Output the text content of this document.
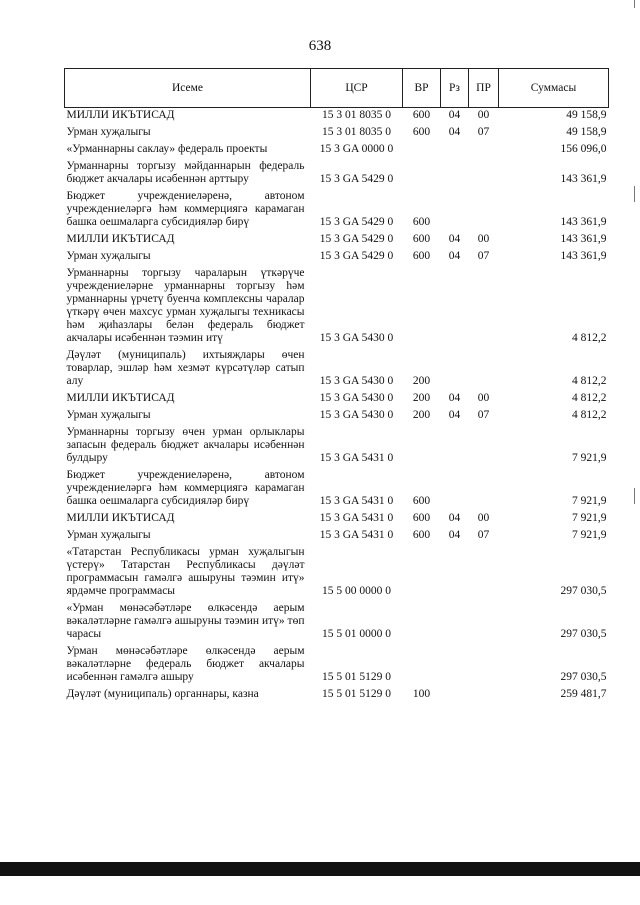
638
Исеме	ЦСР	ВР	Рз	ПР	Суммасы
МИЛЛИ ИКЪТИСАД	15 3 01 8035 0	600	04	00	49 158,9
Урман хуҗалыгы	15 3 01 8035 0	600	04	07	49 158,9
«Урманнарны саклау» федераль проекты	15 3 GA 0000 0				156 096,0
Урманнарны торгызу мәйданнарын федераль бюджет акчалары исәбеннән арттыру	15 3 GA 5429 0				143 361,9
Бюджет учреждениеләренә, автоном учреждениеләргә һәм коммерциягә карамаган башка оешмаларга субсидияләр бирү	15 3 GA 5429 0	600			143 361,9
МИЛЛИ ИКЪТИСАД	15 3 GA 5429 0	600	04	00	143 361,9
Урман хуҗалыгы	15 3 GA 5429 0	600	04	07	143 361,9
Урманнарны торгызу чараларын үткәрүче учреждениеләрне урманнарны торгызу һәм урманнарны үрчетү буенча комплексны чаралар үткәрү өчен махсус урман хуҗалыгы техникасы һәм җиһазлары белән федераль бюджет акчалары исәбеннән тәэмин итү	15 3 GA 5430 0				4 812,2
Дәүләт (муниципаль) ихтыяҗлары өчен товарлар, эшләр һәм хезмәт күрсәтүләр сатып алу	15 3 GA 5430 0	200			4 812,2
МИЛЛИ ИКЪТИСАД	15 3 GA 5430 0	200	04	00	4 812,2
Урман хуҗалыгы	15 3 GA 5430 0	200	04	07	4 812,2
Урманнарны торгызу өчен урман орлыклары запасын федераль бюджет акчалары исәбеннән булдыру	15 3 GA 5431 0				7 921,9
Бюджет учреждениеләренә, автоном учреждениеләргә һәм коммерциягә карамаган башка оешмаларга субсидияләр бирү	15 3 GA 5431 0	600			7 921,9
МИЛЛИ ИКЪТИСАД	15 3 GA 5431 0	600	04	00	7 921,9
Урман хуҗалыгы	15 3 GA 5431 0	600	04	07	7 921,9
«Татарстан Республикасы урман хуҗалыгын үстерү» Татарстан Республикасы дәүләт программасын гамәлгә ашыруны тәэмин итү» ярдәмче программасы	15 5 00 0000 0				297 030,5
«Урман мөнәсәбәтләре өлкәсендә аерым вәкаләтләрне гамәлгә ашыруны тәэмин итү» төп чарасы	15 5 01 0000 0				297 030,5
Урман мөнәсәбәтләре өлкәсендә аерым вәкаләтләрне федераль бюджет акчалары исәбеннән гамәлгә ашыру	15 5 01 5129 0				297 030,5
Дәүләт (муниципаль) органнары, казна	15 5 01 5129 0	100			259 481,7
